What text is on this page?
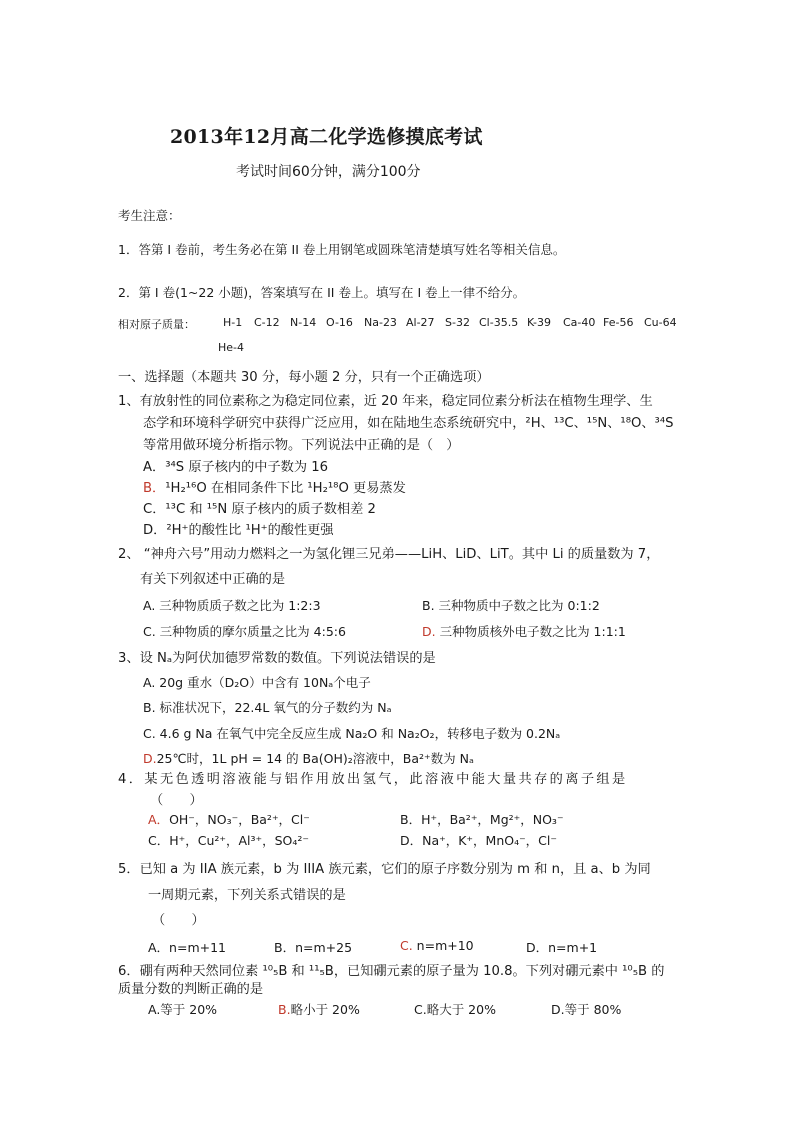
2013年12月高二化学选修摸底考试
考试时间60分钟，满分100分
考生注意：
1．答第 I 卷前，考生务必在第 II 卷上用钢笔或圆珠笔清楚填写姓名等相关信息。
2．第 I 卷(1~22 小题)，答案填写在 II 卷上。填写在 I 卷上一律不给分。
相对原子质量：	H-1 C-12 N-14 O-16 Na-23 Al-27 S-32 Cl-35.5 K-39 Ca-40 Fe-56 Cu-64
He-4
一、选择题（本题共 30 分，每小题 2 分，只有一个正确选项）
1、有放射性的同位素称之为稳定同位素，近 20 年来，稳定同位素分析法在植物生理学、生
态学和环境科学研究中获得广泛应用，如在陆地生态系统研究中，²H、¹³C、¹⁵N、¹⁸O、³⁴S
等常用做环境分析指示物。下列说法中正确的是（　）
A．³⁴S 原子核内的中子数为 16
B．¹H₂¹⁶O 在相同条件下比 ¹H₂¹⁸O 更易蒸发
C．¹³C 和 ¹⁵N 原子核内的质子数相差 2
D．²H⁺的酸性比 ¹H⁺的酸性更强
2、 “神舟六号”用动力燃料之一为氢化锂三兄弟——LiH、LiD、LiT。其中 Li 的质量数为 7，
有关下列叙述中正确的是
A. 三种物质质子数之比为 1:2:3	B. 三种物质中子数之比为 0:1:2
C. 三种物质的摩尔质量之比为 4:5:6	D. 三种物质核外电子数之比为 1:1:1
3、设 Nₐ为阿伏加德罗常数的数值。下列说法错误的是
A. 20g 重水（D₂O）中含有 10Nₐ个电子
B. 标准状况下，22.4L 氧气的分子数约为 Nₐ
C. 4.6 g Na 在氧气中完全反应生成 Na₂O 和 Na₂O₂，转移电子数为 0.2Nₐ
D.25℃时，1L pH = 14 的 Ba(OH)₂溶液中，Ba²⁺数为 Nₐ
4．某无色透明溶液能与铝作用放出氢气，此溶液中能大量共存的离子组是
（　　）
A．OH⁻，NO₃⁻，Ba²⁺，Cl⁻	B．H⁺，Ba²⁺，Mg²⁺，NO₃⁻
C．H⁺，Cu²⁺，Al³⁺，SO₄²⁻	D．Na⁺，K⁺，MnO₄⁻，Cl⁻
5．已知 a 为 IIA 族元素，b 为 IIIA 族元素，它们的原子序数分别为 m 和 n，且 a、b 为同
一周期元素，下列关系式错误的是
（　　）
A．n=m+11	B．n=m+25	C. n=m+10	D．n=m+1
6．硼有两种天然同位素 ¹⁰₅B 和 ¹¹₅B，已知硼元素的原子量为 10.8。下列对硼元素中 ¹⁰₅B 的
质量分数的判断正确的是
A.等于 20%	B.略小于 20%	C.略大于 20%	D.等于 80%
